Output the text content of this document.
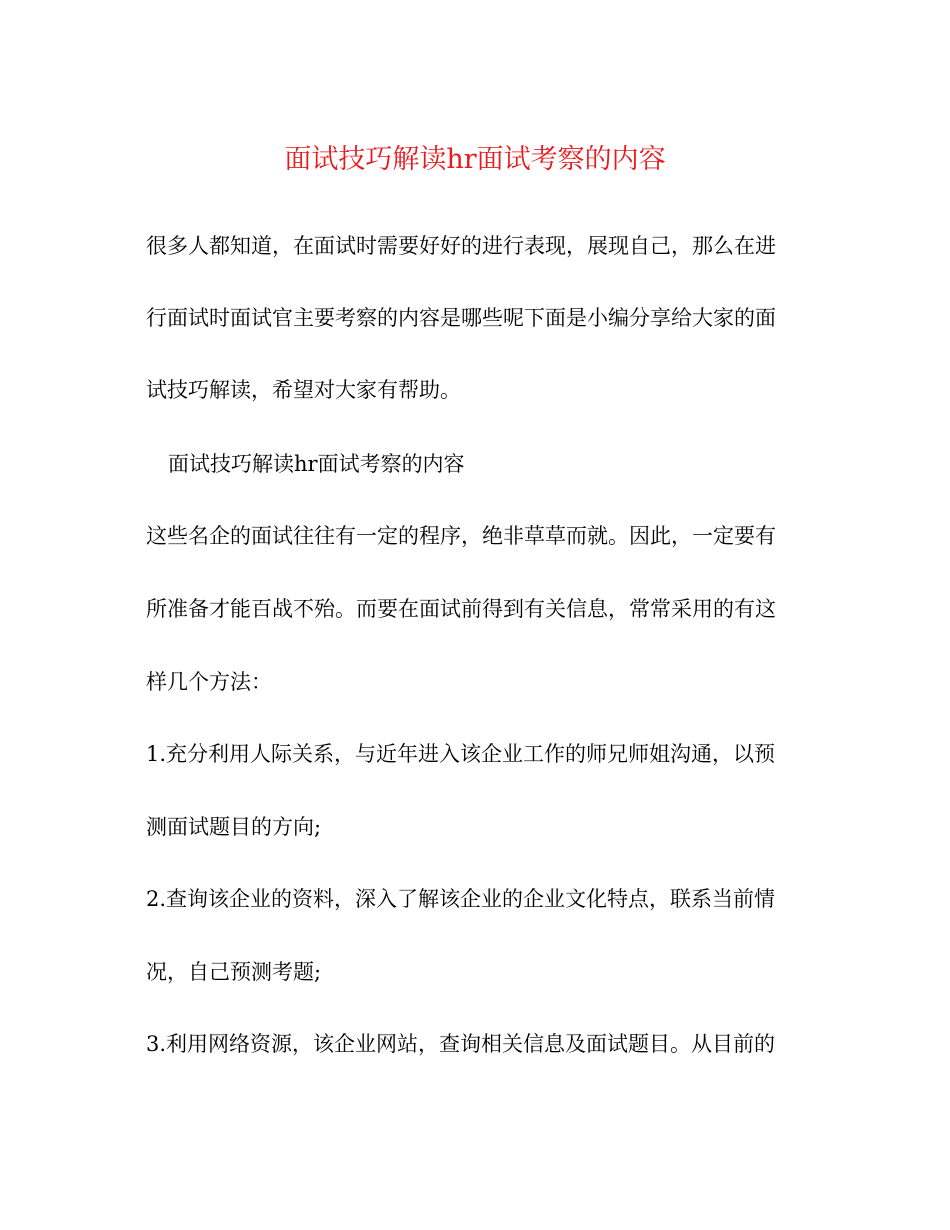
面试技巧解读hr面试考察的内容

很多人都知道，在面试时需要好好的进行表现，展现自己，那么在进

行面试时面试官主要考察的内容是哪些呢下面是小编分享给大家的面

试技巧解读，希望对大家有帮助。

面试技巧解读hr面试考察的内容

这些名企的面试往往有一定的程序，绝非草草而就。因此，一定要有

所准备才能百战不殆。而要在面试前得到有关信息，常常采用的有这

样几个方法：

1.充分利用人际关系，与近年进入该企业工作的师兄师姐沟通，以预

测面试题目的方向;

2.查询该企业的资料，深入了解该企业的企业文化特点，联系当前情

况，自己预测考题;

3.利用网络资源，该企业网站，查询相关信息及面试题目。从目前的
